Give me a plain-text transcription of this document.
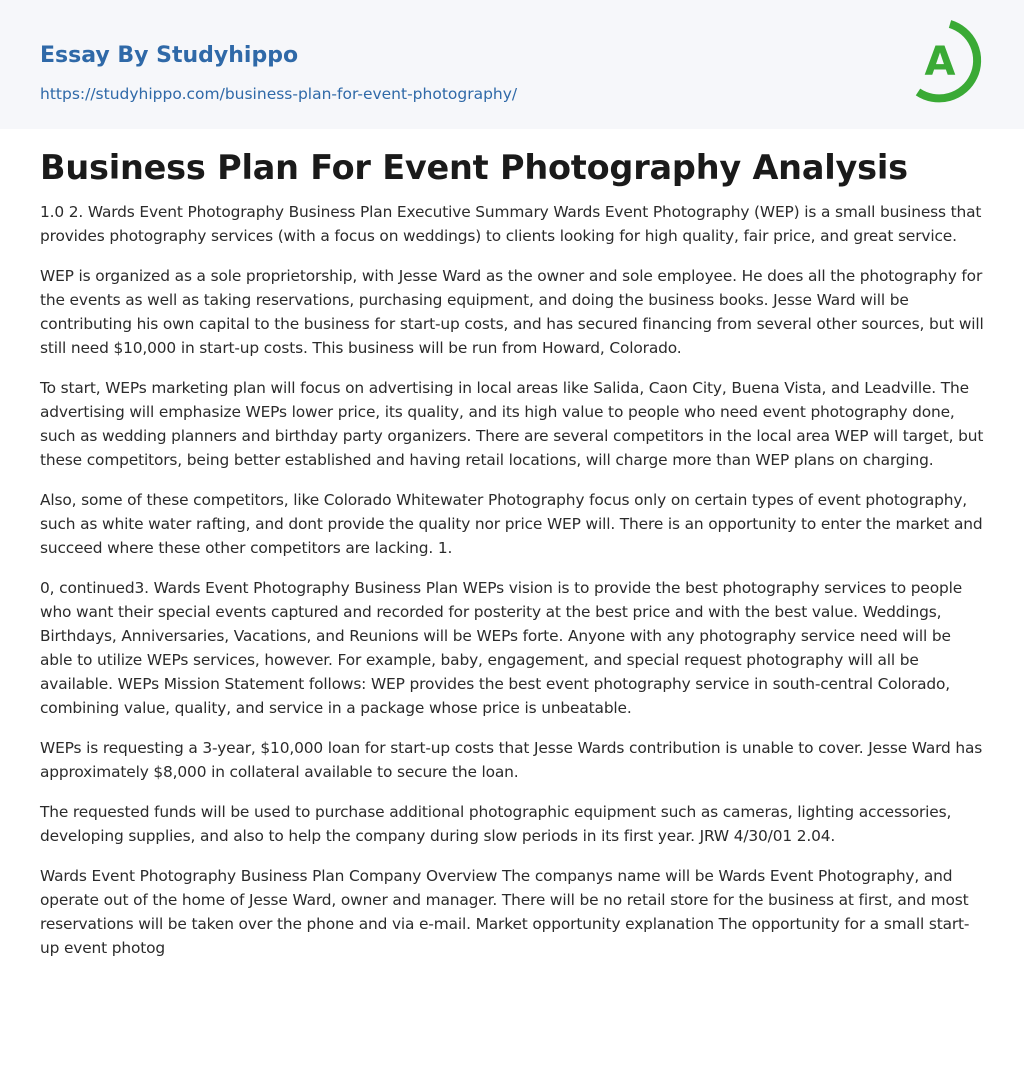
Essay By Studyhippo
https://studyhippo.com/business-plan-for-event-photography/
A
Business Plan For Event Photography Analysis

1.0 2. Wards Event Photography Business Plan Executive Summary Wards Event Photography (WEP) is a small business that provides photography services (with a focus on weddings) to clients looking for high quality, fair price, and great service.

WEP is organized as a sole proprietorship, with Jesse Ward as the owner and sole employee. He does all the photography for the events as well as taking reservations, purchasing equipment, and doing the business books. Jesse Ward will be contributing his own capital to the business for start-up costs, and has secured financing from several other sources, but will still need $10,000 in start-up costs. This business will be run from Howard, Colorado.

To start, WEPs marketing plan will focus on advertising in local areas like Salida, Caon City, Buena Vista, and Leadville. The advertising will emphasize WEPs lower price, its quality, and its high value to people who need event photography done, such as wedding planners and birthday party organizers. There are several competitors in the local area WEP will target, but these competitors, being better established and having retail locations, will charge more than WEP plans on charging.

Also, some of these competitors, like Colorado Whitewater Photography focus only on certain types of event photography, such as white water rafting, and dont provide the quality nor price WEP will. There is an opportunity to enter the market and succeed where these other competitors are lacking. 1.

0, continued3. Wards Event Photography Business Plan WEPs vision is to provide the best photography services to people who want their special events captured and recorded for posterity at the best price and with the best value. Weddings, Birthdays, Anniversaries, Vacations, and Reunions will be WEPs forte. Anyone with any photography service need will be able to utilize WEPs services, however. For example, baby, engagement, and special request photography will all be available. WEPs Mission Statement follows: WEP provides the best event photography service in south-central Colorado, combining value, quality, and service in a package whose price is unbeatable.

WEPs is requesting a 3-year, $10,000 loan for start-up costs that Jesse Wards contribution is unable to cover. Jesse Ward has approximately $8,000 in collateral available to secure the loan.

The requested funds will be used to purchase additional photographic equipment such as cameras, lighting accessories, developing supplies, and also to help the company during slow periods in its first year. JRW 4/30/01 2.04.

Wards Event Photography Business Plan Company Overview The companys name will be Wards Event Photography, and operate out of the home of Jesse Ward, owner and manager. There will be no retail store for the business at first, and most reservations will be taken over the phone and via e-mail. Market opportunity explanation The opportunity for a small start-up event photog
